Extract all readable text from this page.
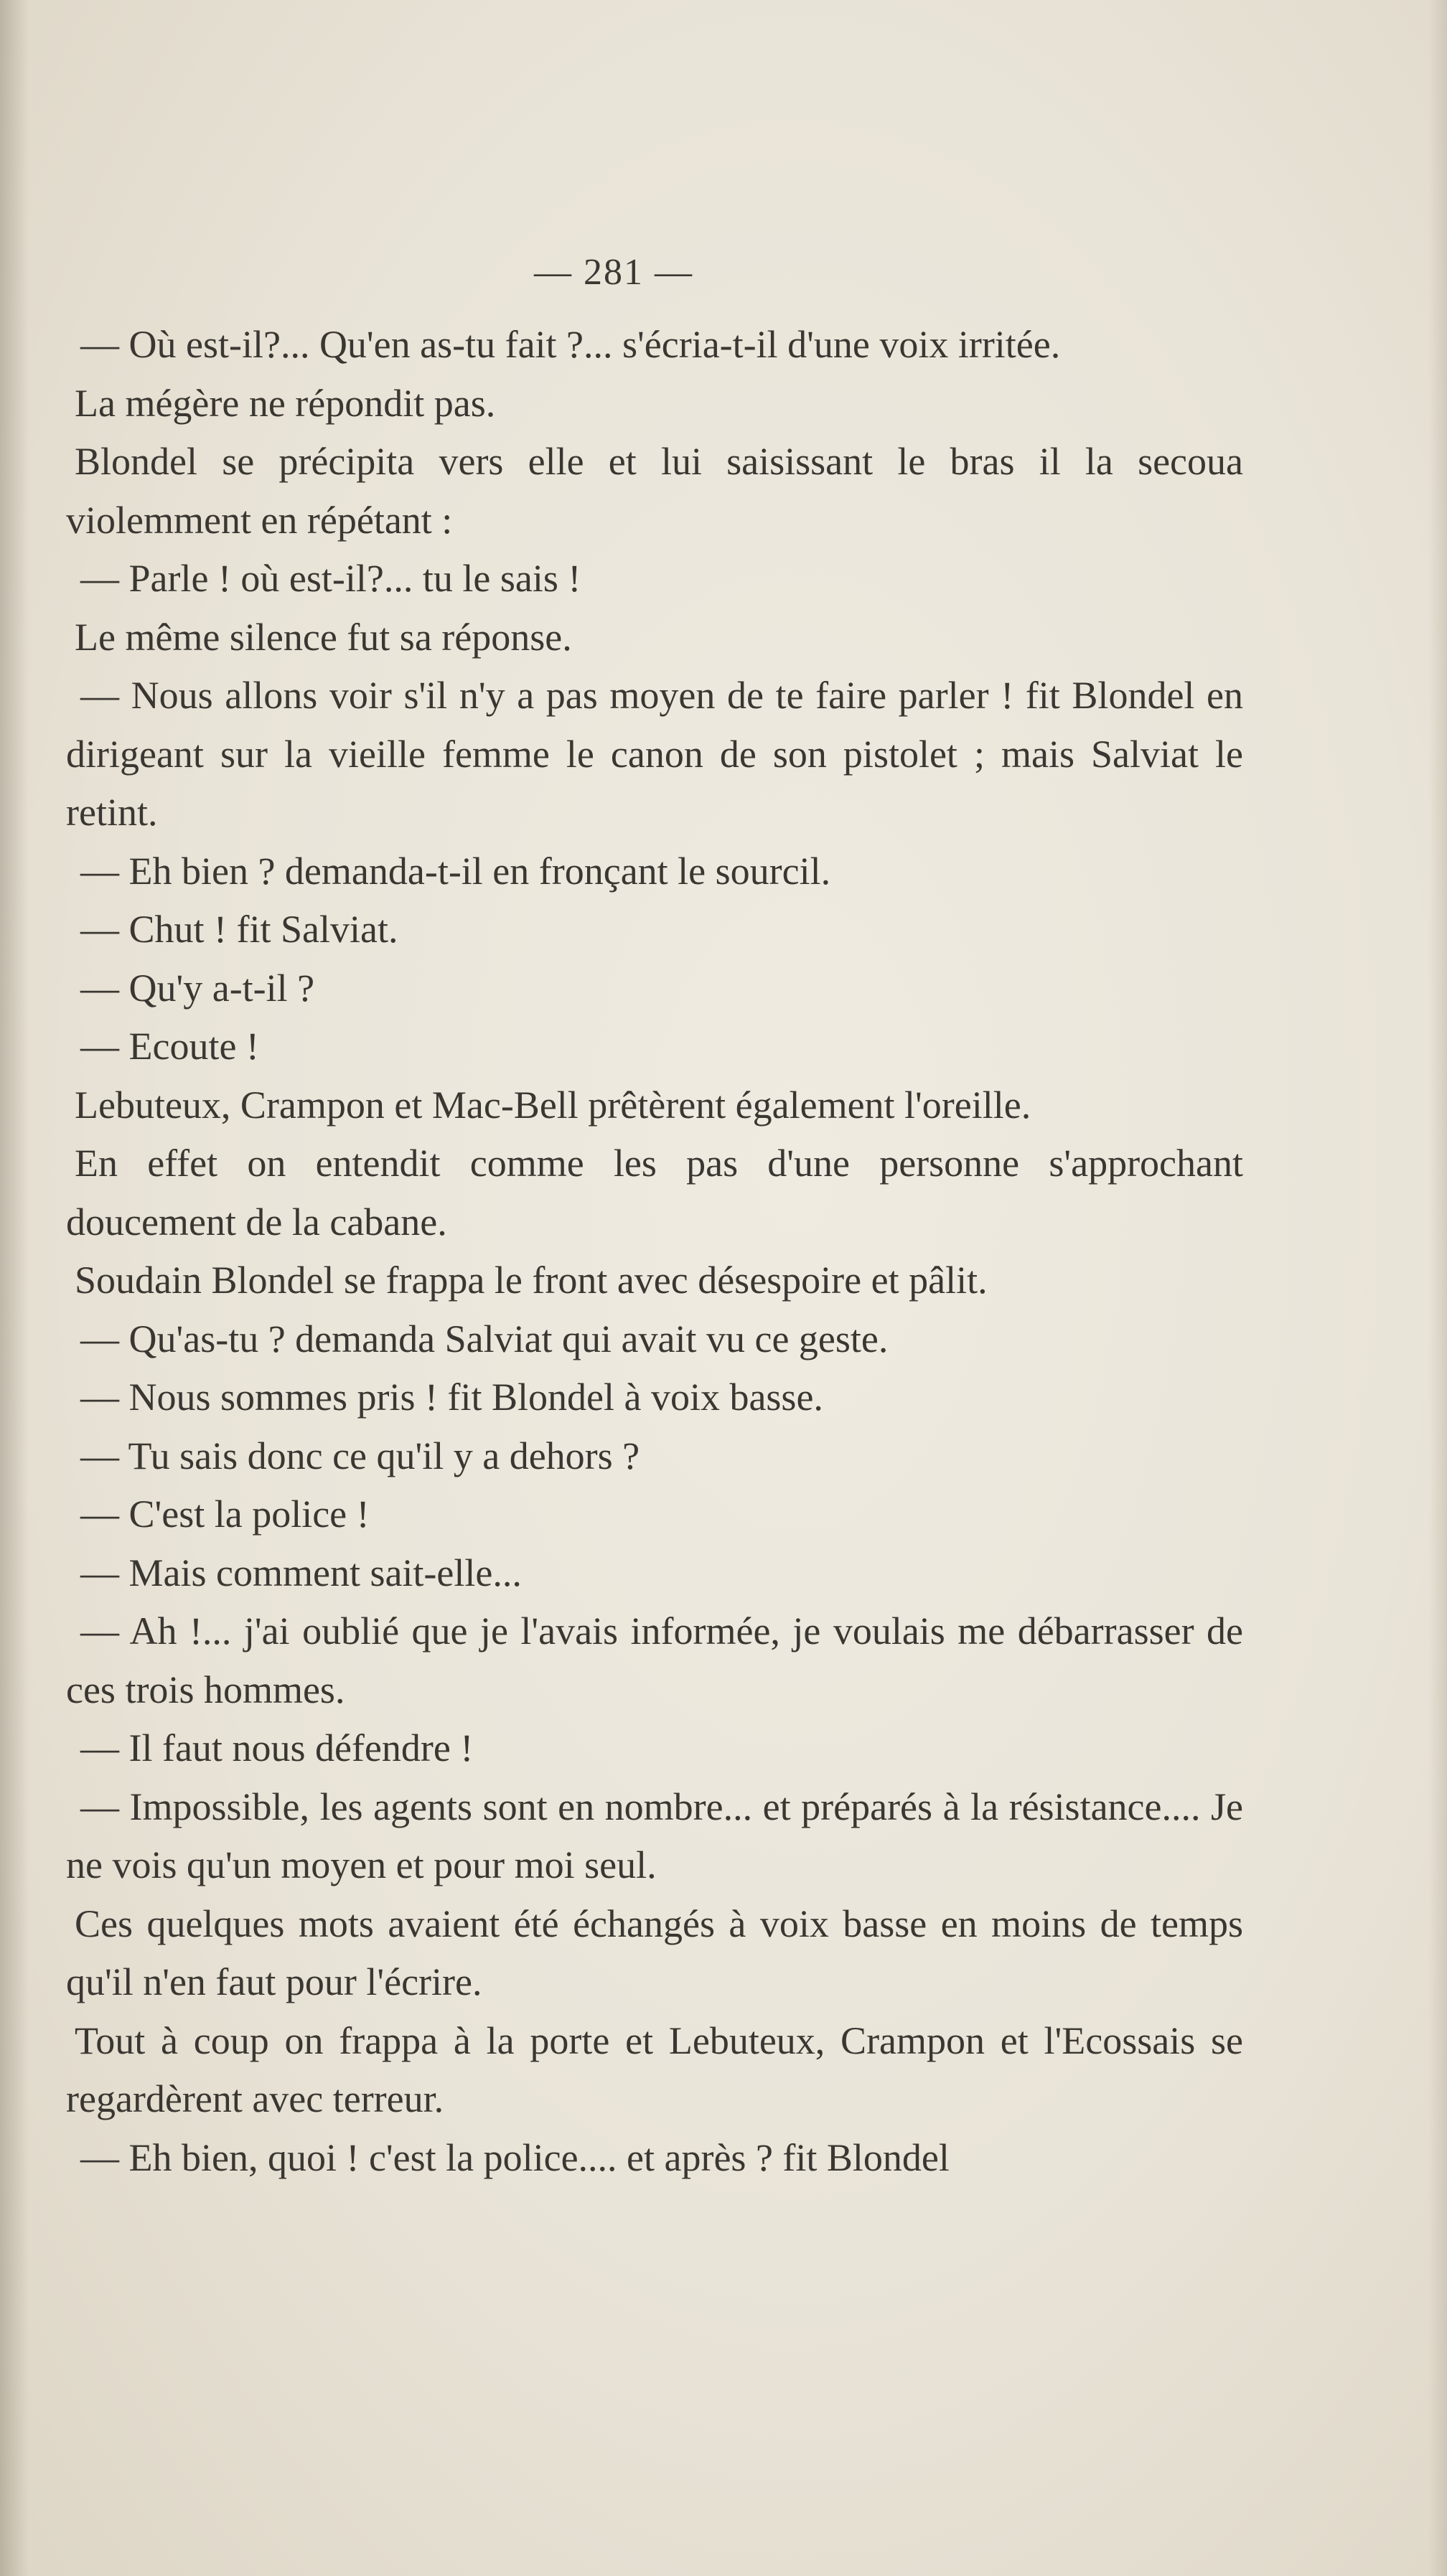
— 281 —

— Où est-il?... Qu'en as-tu fait ?... s'écria-t-il d'une voix irritée.

La mégère ne répondit pas.

Blondel se précipita vers elle et lui saisissant le bras il la secoua violemment en répétant :

— Parle ! où est-il?... tu le sais !

Le même silence fut sa réponse.

— Nous allons voir s'il n'y a pas moyen de te faire parler ! fit Blondel en dirigeant sur la vieille femme le canon de son pistolet ; mais Salviat le retint.

— Eh bien ? demanda-t-il en fronçant le sourcil.

— Chut ! fit Salviat.

— Qu'y a-t-il ?

— Ecoute !

Lebuteux, Crampon et Mac-Bell prêtèrent également l'oreille.

En effet on entendit comme les pas d'une personne s'approchant doucement de la cabane.

Soudain Blondel se frappa le front avec désespoire et pâlit.

— Qu'as-tu ? demanda Salviat qui avait vu ce geste.

— Nous sommes pris ! fit Blondel à voix basse.

— Tu sais donc ce qu'il y a dehors ?

— C'est la police !

— Mais comment sait-elle...

— Ah !... j'ai oublié que je l'avais informée, je voulais me débarrasser de ces trois hommes.

— Il faut nous défendre !

— Impossible, les agents sont en nombre... et préparés à la résistance.... Je ne vois qu'un moyen et pour moi seul.

Ces quelques mots avaient été échangés à voix basse en moins de temps qu'il n'en faut pour l'écrire.

Tout à coup on frappa à la porte et Lebuteux, Crampon et l'Ecossais se regardèrent avec terreur.

— Eh bien, quoi ! c'est la police.... et après ? fit Blondel
